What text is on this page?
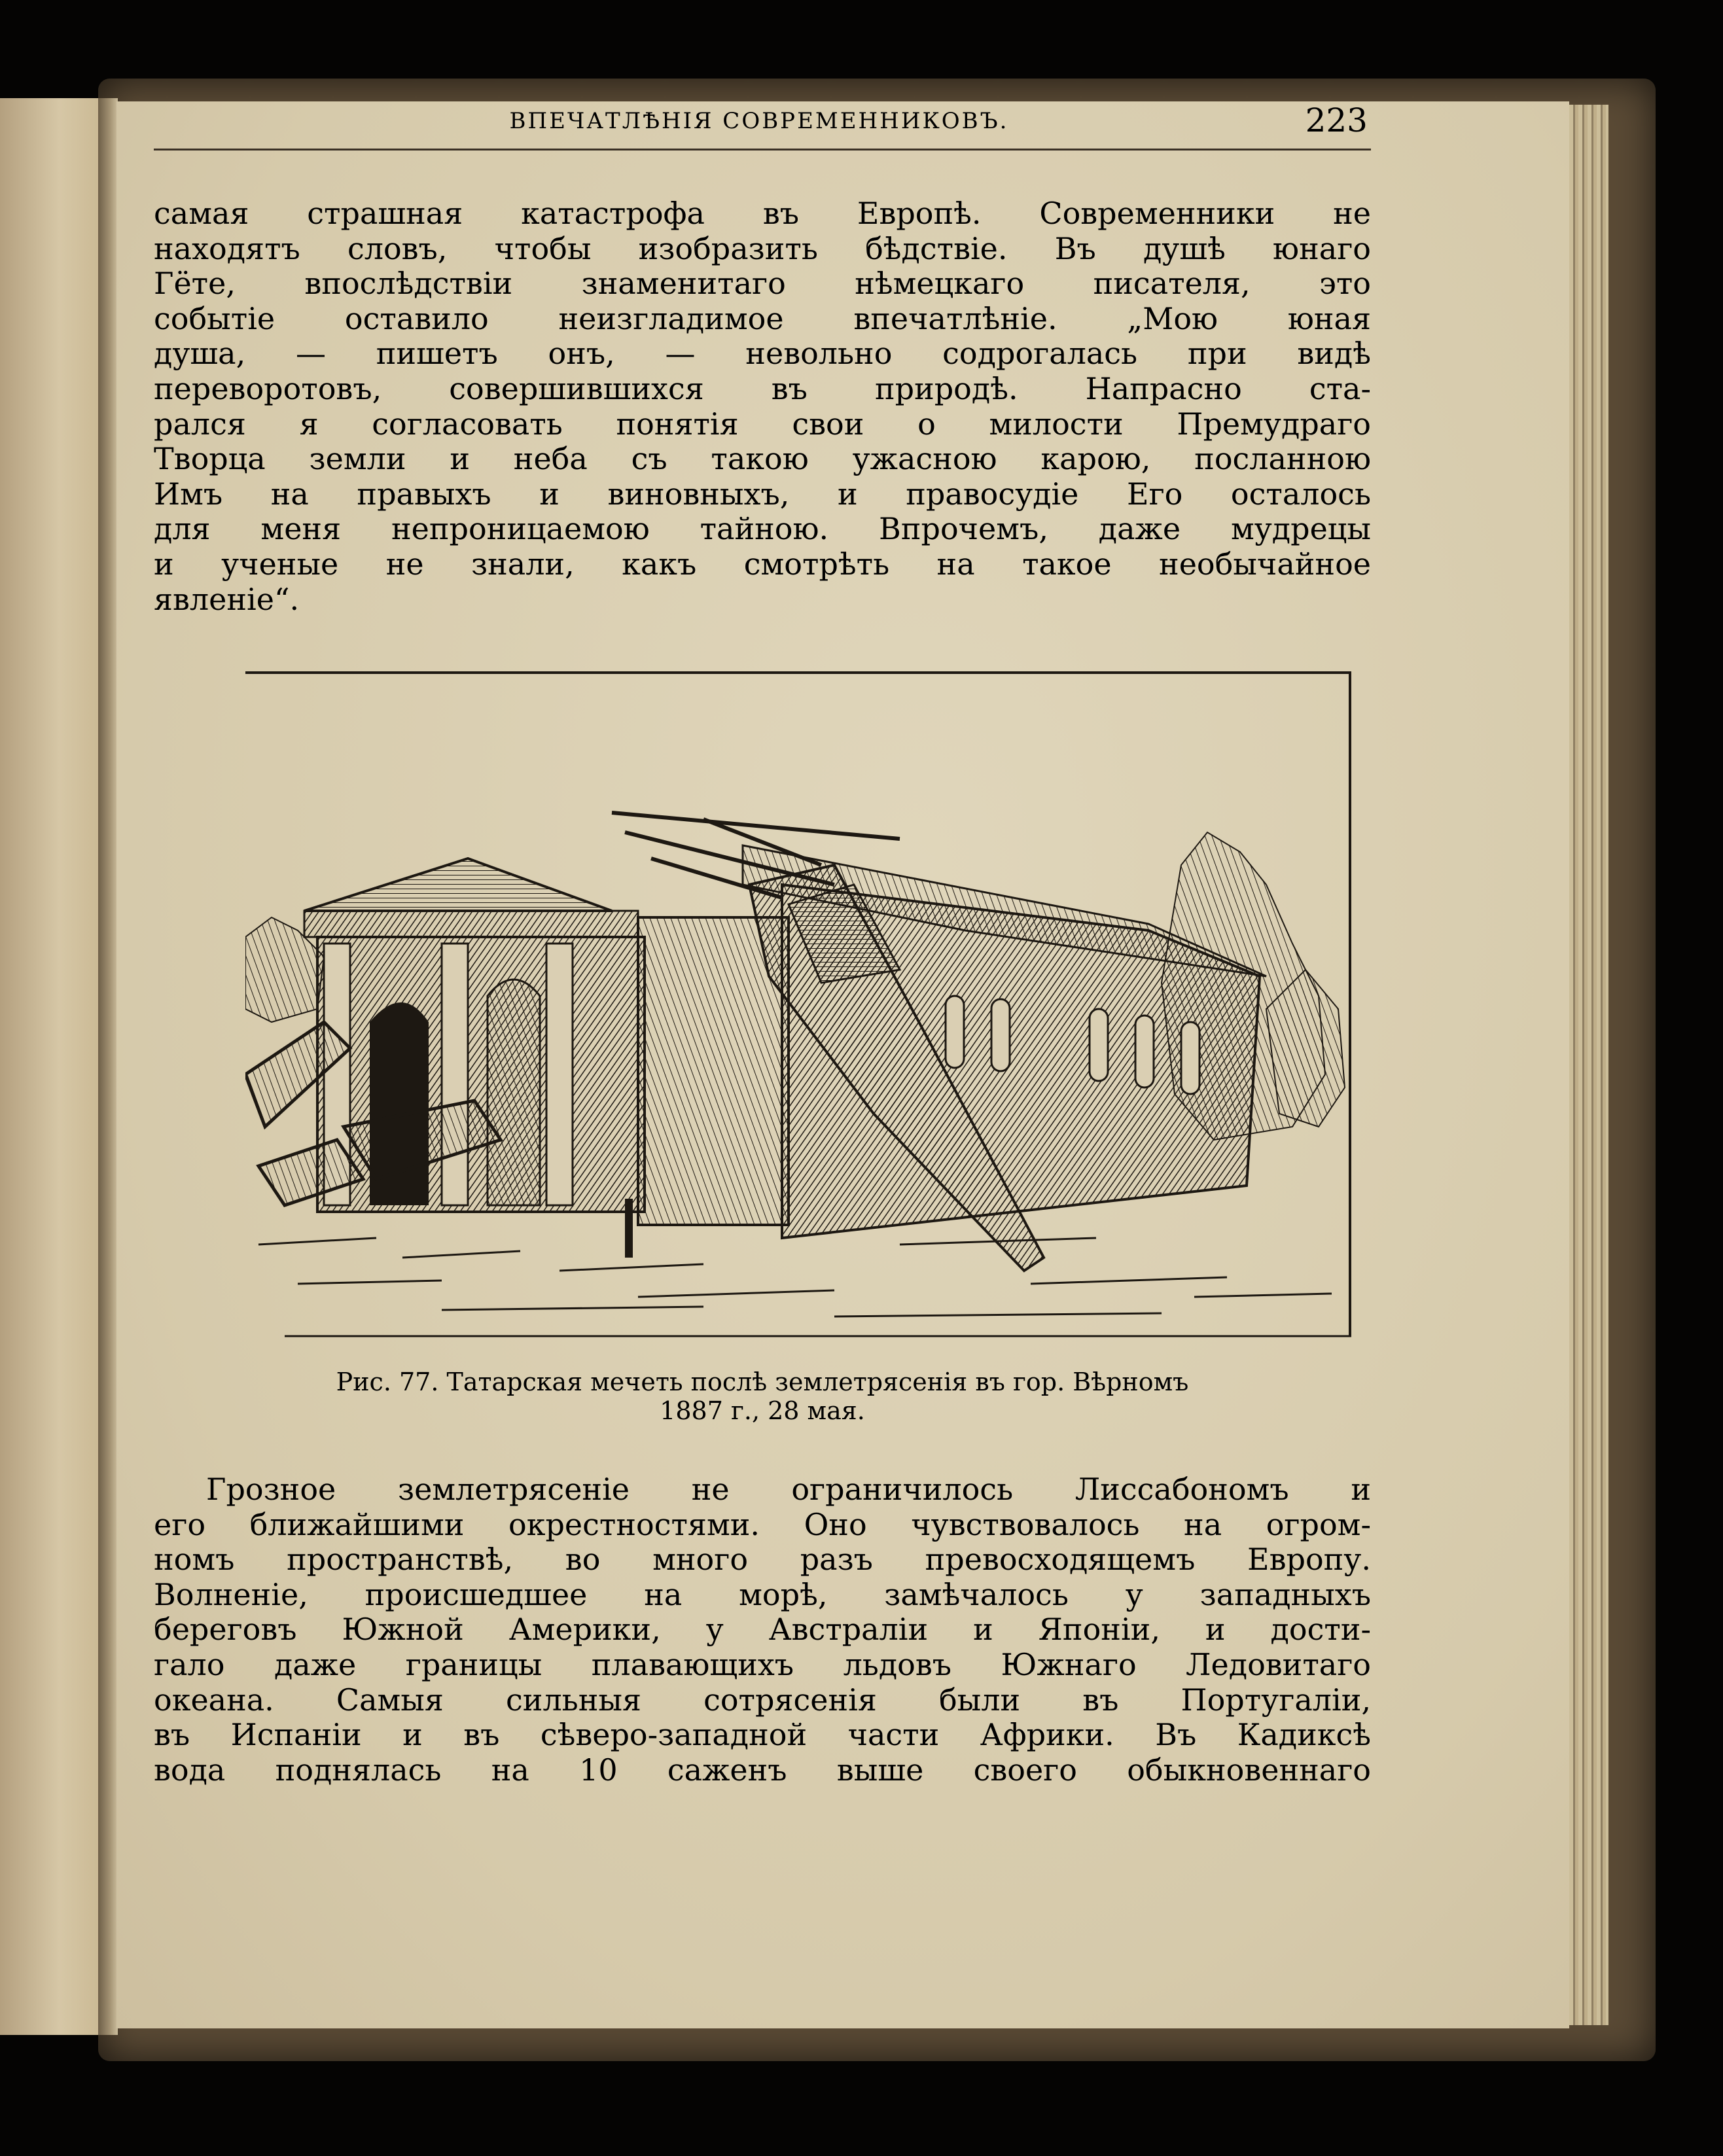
ВПЕЧАТЛѢНІЯ СОВРЕМЕННИКОВЪ.	223
самая страшная катастрофа въ Европѣ. Современники не
находятъ словъ, чтобы изобразить бѣдствіе. Въ душѣ юнаго
Гёте, впослѣдствіи знаменитаго нѣмецкаго писателя, это
событіе оставило неизгладимое впечатлѣніе. „Мою юная
душа, — пишетъ онъ, — невольно содрогалась при видѣ
переворотовъ, совершившихся въ природѣ. Напрасно ста-
рался я согласовать понятія свои о милости Премудраго
Творца земли и неба съ такою ужасною карою, посланною
Имъ на правыхъ и виновныхъ, и правосудіе Его осталось
для меня непроницаемою тайною. Впрочемъ, даже мудрецы
и ученые не знали, какъ смотрѣть на такое необычайное
явленіе“.
Рис. 77. Татарская мечеть послѣ землетрясенія въ гор. Вѣрномъ
1887 г., 28 мая.
Грозное землетрясеніе не ограничилось Лиссабономъ и
его ближайшими окрестностями. Оно чувствовалось на огром-
номъ пространствѣ, во много разъ превосходящемъ Европу.
Волненіе, происшедшее на морѣ, замѣчалось у западныхъ
береговъ Южной Америки, у Австраліи и Японіи, и дости-
гало даже границы плавающихъ льдовъ Южнаго Ледовитаго
океана. Самыя сильныя сотрясенія были въ Португаліи,
въ Испаніи и въ сѣверо-западной части Африки. Въ Кадиксѣ
вода поднялась на 10 саженъ выше своего обыкновеннаго
